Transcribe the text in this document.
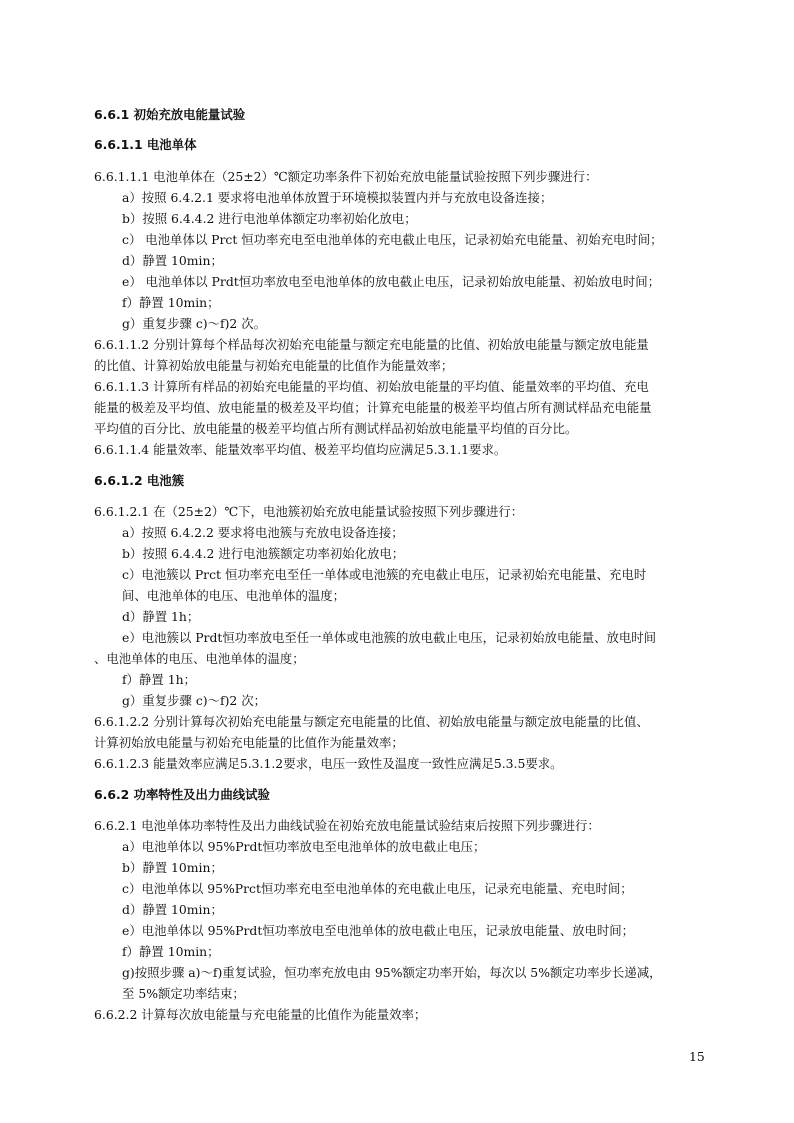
6.6.1 初始充放电能量试验
6.6.1.1 电池单体
6.6.1.1.1 电池单体在（25±2）℃额定功率条件下初始充放电能量试验按照下列步骤进行：
a）按照 6.4.2.1 要求将电池单体放置于环境模拟装置内并与充放电设备连接；
b）按照 6.4.4.2 进行电池单体额定功率初始化放电；
c） 电池单体以 Prct 恒功率充电至电池单体的充电截止电压，记录初始充电能量、初始充电时间；
d）静置 10min；
e） 电池单体以 Prdt恒功率放电至电池单体的放电截止电压，记录初始放电能量、初始放电时间；
f）静置 10min；
g）重复步骤 c)～f)2 次。
6.6.1.1.2 分别计算每个样品每次初始充电能量与额定充电能量的比值、初始放电能量与额定放电能量
的比值、计算初始放电能量与初始充电能量的比值作为能量效率；
6.6.1.1.3 计算所有样品的初始充电能量的平均值、初始放电能量的平均值、能量效率的平均值、充电
能量的极差及平均值、放电能量的极差及平均值；计算充电能量的极差平均值占所有测试样品充电能量
平均值的百分比、放电能量的极差平均值占所有测试样品初始放电能量平均值的百分比。
6.6.1.1.4 能量效率、能量效率平均值、极差平均值均应满足5.3.1.1要求。
6.6.1.2 电池簇
6.6.1.2.1 在（25±2）℃下，电池簇初始充放电能量试验按照下列步骤进行：
a）按照 6.4.2.2 要求将电池簇与充放电设备连接；
b）按照 6.4.4.2 进行电池簇额定功率初始化放电；
c）电池簇以 Prct 恒功率充电至任一单体或电池簇的充电截止电压，记录初始充电能量、充电时
间、电池单体的电压、电池单体的温度；
d）静置 1h；
e）电池簇以 Prdt恒功率放电至任一单体或电池簇的放电截止电压，记录初始放电能量、放电时间
、电池单体的电压、电池单体的温度；
f）静置 1h；
g）重复步骤 c)～f)2 次；
6.6.1.2.2 分别计算每次初始充电能量与额定充电能量的比值、初始放电能量与额定放电能量的比值、
计算初始放电能量与初始充电能量的比值作为能量效率；
6.6.1.2.3 能量效率应满足5.3.1.2要求，电压一致性及温度一致性应满足5.3.5要求。
6.6.2 功率特性及出力曲线试验
6.6.2.1 电池单体功率特性及出力曲线试验在初始充放电能量试验结束后按照下列步骤进行：
a）电池单体以 95%Prdt恒功率放电至电池单体的放电截止电压；
b）静置 10min；
c）电池单体以 95%Prct恒功率充电至电池单体的充电截止电压，记录充电能量、充电时间；
d）静置 10min；
e）电池单体以 95%Prdt恒功率放电至电池单体的放电截止电压，记录放电能量、放电时间；
f）静置 10min；
g)按照步骤 a)～f)重复试验，恒功率充放电由 95%额定功率开始，每次以 5%额定功率步长递减，
至 5%额定功率结束；
6.6.2.2 计算每次放电能量与充电能量的比值作为能量效率；
15
